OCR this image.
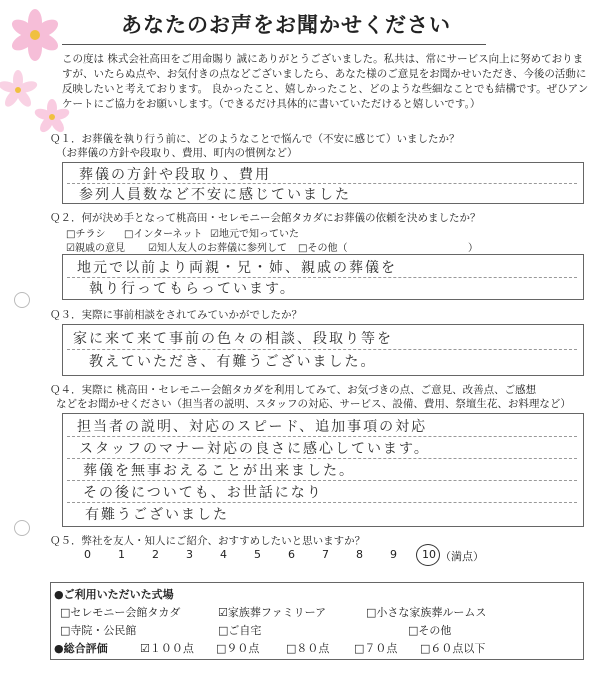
あなたのお声をお聞かせください
この度は 株式会社高田をご用命賜り 誠にありがとうございました。私共は、常にサービス向上に努めておりますが、いたらぬ点や、お気付きの点などございましたら、あなた様のご意見をお聞かせいただき、今後の活動に反映したいと考えております。 良かったこと、嬉しかったこと、どのような些細なことでも結構です。ぜひアンケートにご協力をお願いします。（できるだけ具体的に書いていただけると嬉しいです。）
Ｑ１．お葬儀を執り行う前に、どのようなことで悩んで（不安に感じて）いましたか？
（お葬儀の方針や段取り、費用、町内の慣例など）
葬儀の方針や段取り、費用
参列人員数など不安に感じていました
Ｑ２．何が決め手となって桃高田・セレモニー会館タカダにお葬儀の依頼を決めましたか？
□チラシ □インターネット ☑地元で知っていた
☑親戚の意見 ☑知人友人のお葬儀に参列して □その他（	）
地元で以前より両親・兄・姉、親戚の葬儀を
執り行ってもらっています。
Ｑ３．実際に事前相談をされてみていかがでしたか？
家に来て来て事前の色々の相談、段取り等を
教えていただき、有難うございました。
Ｑ４．実際に 桃高田・セレモニー会館タカダを利用してみて、お気づきの点、ご意見、改善点、ご感想
などをお聞かせください（担当者の説明、スタッフの対応、サービス、設備、費用、祭壇生花、お料理など）
担当者の説明、対応のスピード、追加事項の対応
スタッフのマナー対応の良さに感心しています。
葬儀を無事おえることが出来ました。
その後についても、お世話になり
有難うございました
Ｑ５．弊社を友人・知人にご紹介、おすすめしたいと思いますか？
0 1 2 3 4 5 6 7 8 9 10 （満点）
●ご利用いただいた式場
□セレモニー会館タカダ	☑家族葬ファミリーア	□小さな家族葬ルームス
□寺院・公民館	□ご自宅	□その他
●総合評価	☑１００点 □９０点 □８０点 □７０点 □６０点以下
